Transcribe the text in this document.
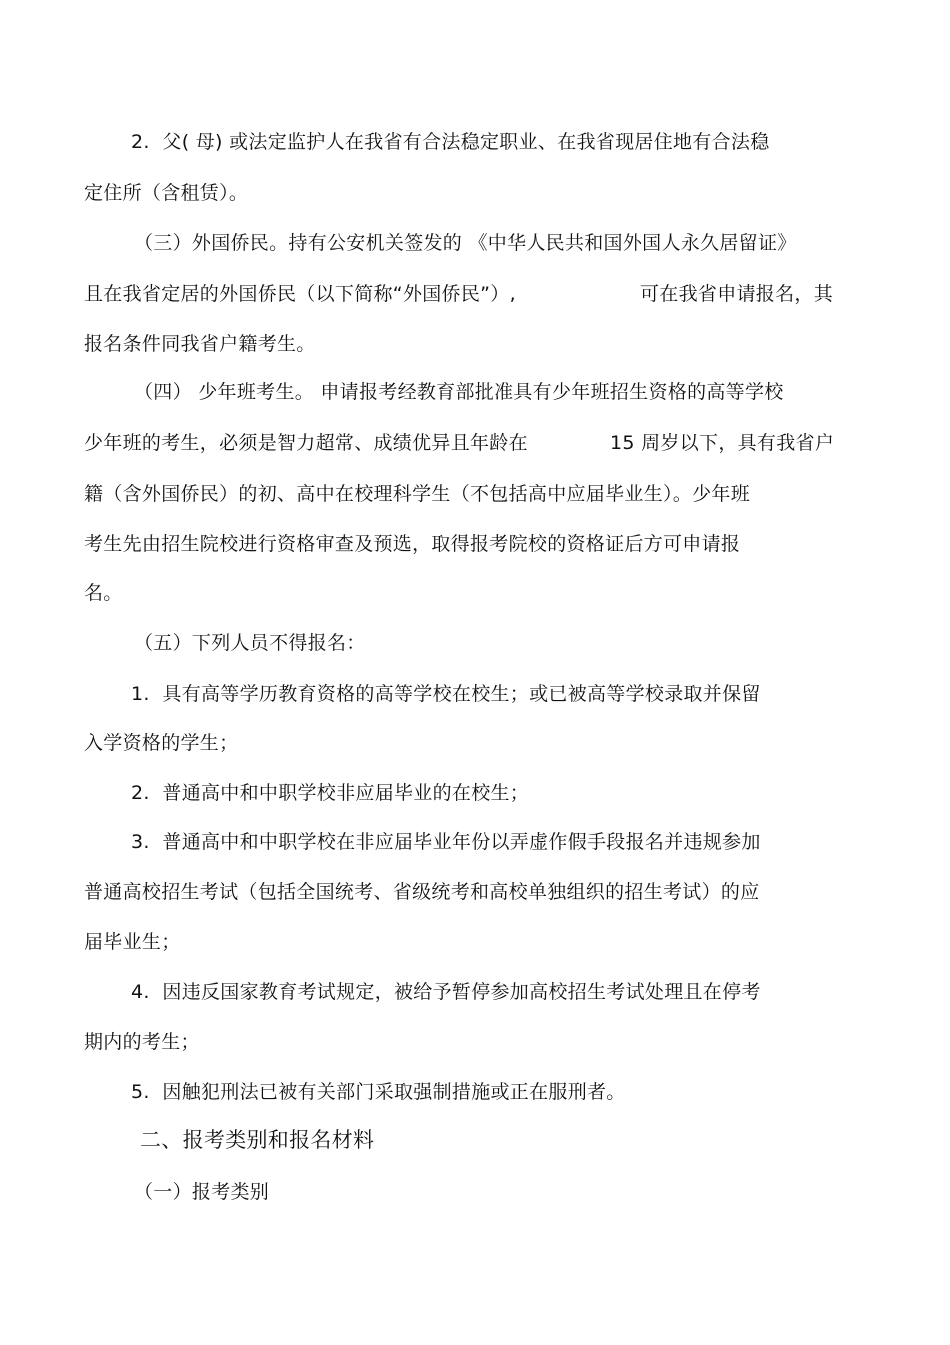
2.  父( 母) 或法定监护人在我省有合法稳定职业、在我省现居住地有合法稳
定住所（含租赁）。
（三）外国侨民。持有公安机关签发的 《中华人民共和国外国人永久居留证》
且在我省定居的外国侨民（以下简称“外国侨民”）,	可在我省申请报名，其
报名条件同我省户籍考生。
（四） 少年班考生。 申请报考经教育部批准具有少年班招生资格的高等学校
少年班的考生，必须是智力超常、成绩优异且年龄在	15 周岁以下，具有我省户
籍（含外国侨民）的初、高中在校理科学生（不包括高中应届毕业生）。少年班
考生先由招生院校进行资格审查及预选，取得报考院校的资格证后方可申请报
名。
（五）下列人员不得报名：
1.  具有高等学历教育资格的高等学校在校生；或已被高等学校录取并保留
入学资格的学生；
2.  普通高中和中职学校非应届毕业的在校生；
3.  普通高中和中职学校在非应届毕业年份以弄虚作假手段报名并违规参加
普通高校招生考试（包括全国统考、省级统考和高校单独组织的招生考试）的应
届毕业生；
4.  因违反国家教育考试规定，被给予暂停参加高校招生考试处理且在停考
期内的考生；
5.  因触犯刑法已被有关部门采取强制措施或正在服刑者。
二、报考类别和报名材料
（一）报考类别
